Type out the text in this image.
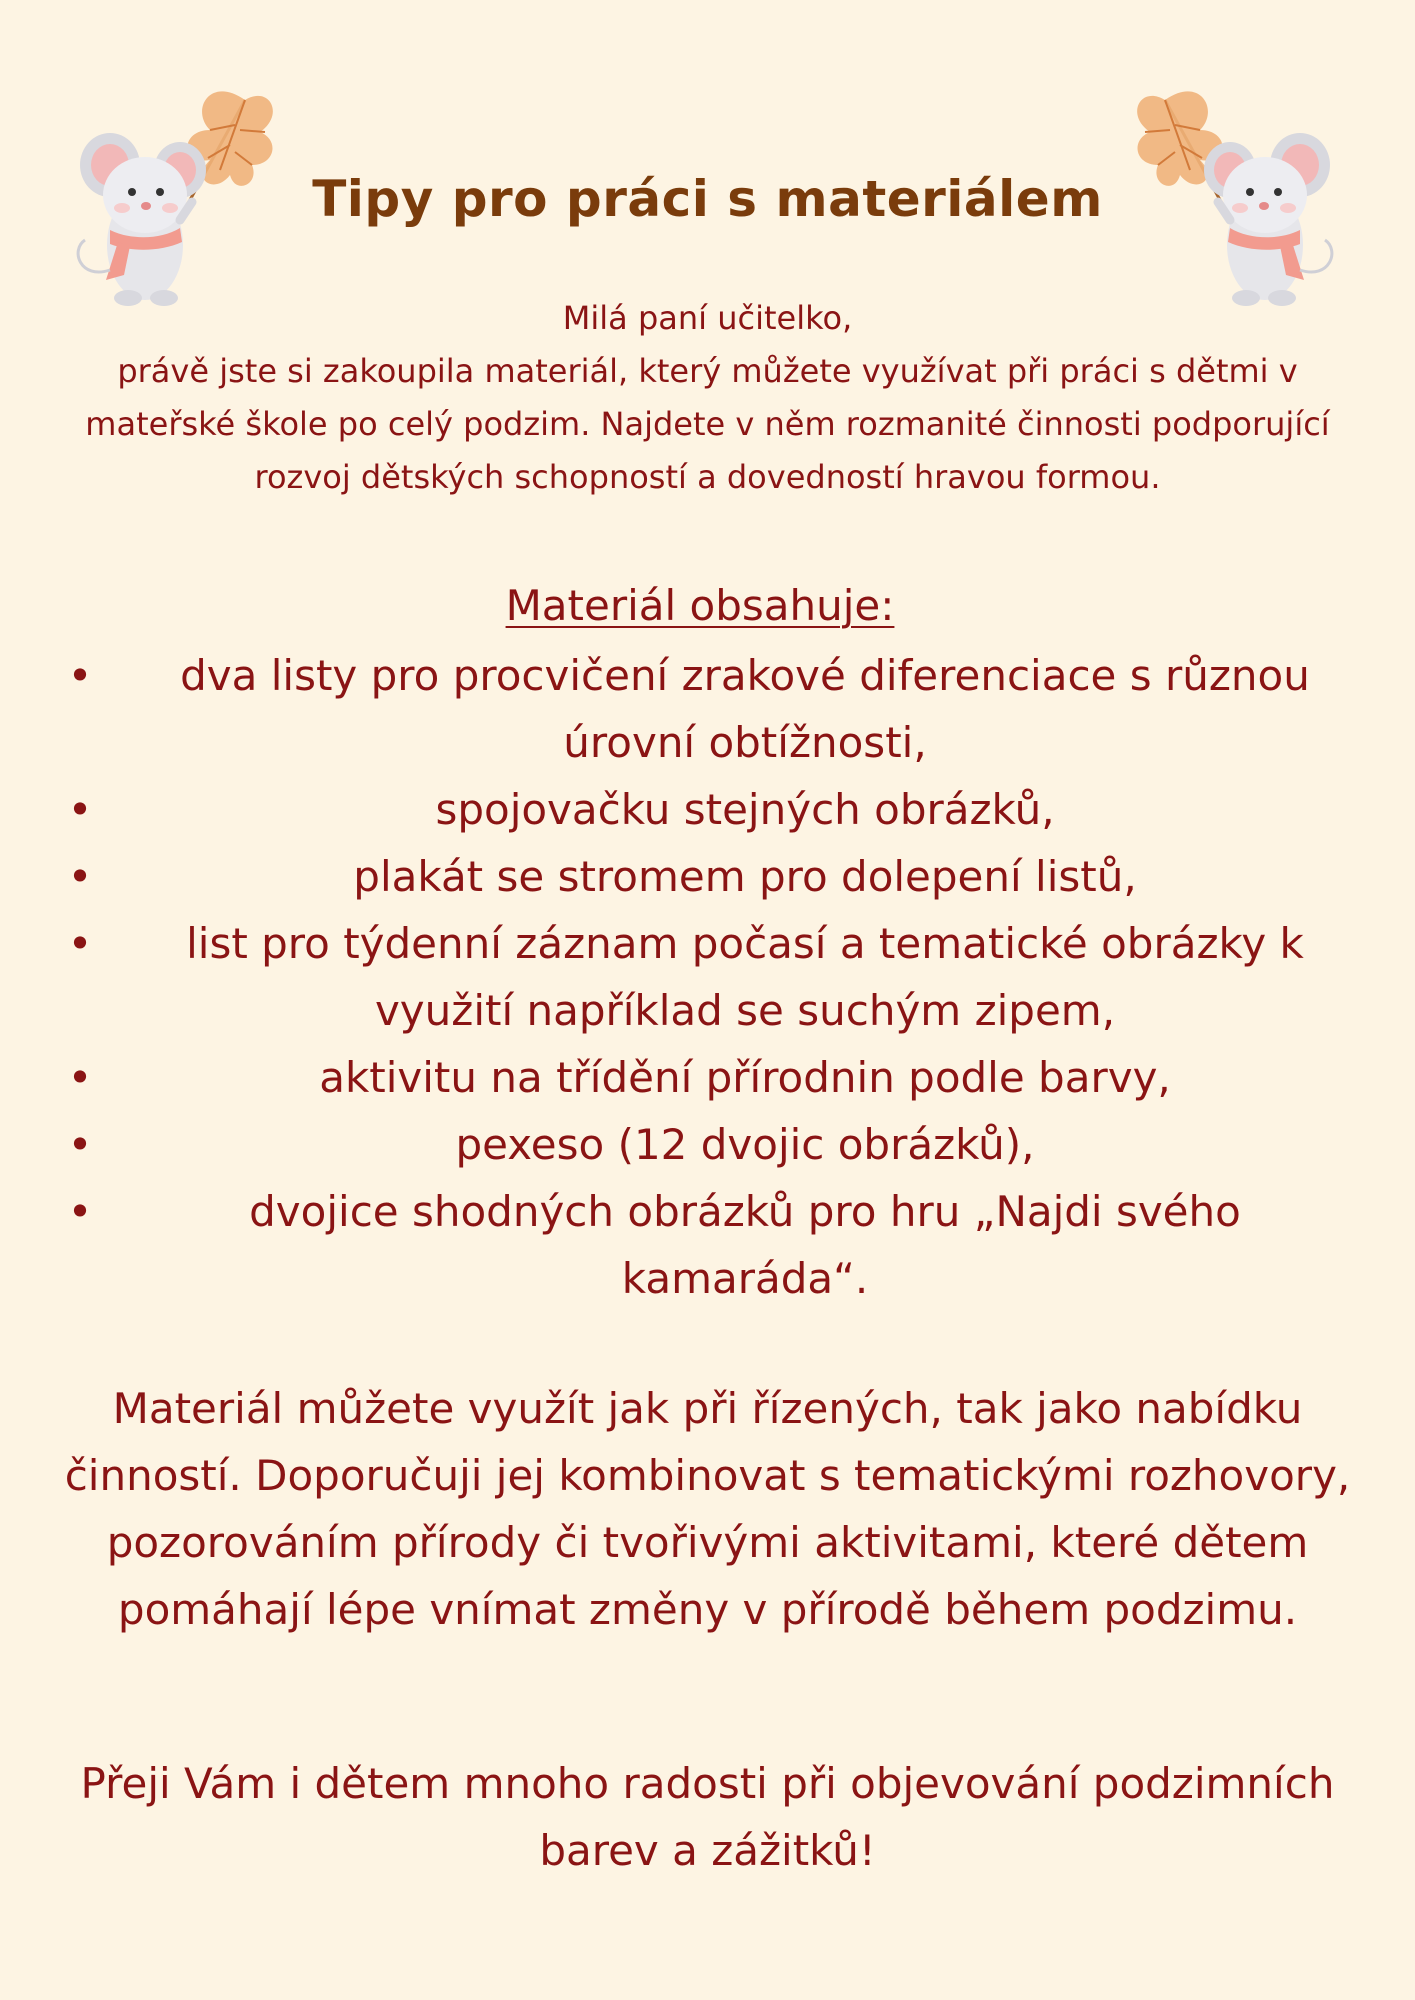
Tipy pro práci s materiálem

Milá paní učitelko,

právě jste si zakoupila materiál, který můžete využívat při práci s dětmi v mateřské škole po celý podzim. Najdete v něm rozmanité činnosti podporující rozvoj dětských schopností a dovedností hravou formou.

Materiál obsahuje:
•	dva listy pro procvičení zrakové diferenciace s různou úrovní obtížnosti,
•	spojovačku stejných obrázků,
•	plakát se stromem pro dolepení listů,
•	list pro týdenní záznam počasí a tematické obrázky k využití například se suchým zipem,
•	aktivitu na třídění přírodnin podle barvy,
•	pexeso (12 dvojic obrázků),
•	dvojice shodných obrázků pro hru „Najdi svého kamaráda“.

Materiál můžete využít jak při řízených, tak jako nabídku činností. Doporučuji jej kombinovat s tematickými rozhovory, pozorováním přírody či tvořivými aktivitami, které dětem pomáhají lépe vnímat změny v přírodě během podzimu.

Přeji Vám i dětem mnoho radosti při objevování podzimních barev a zážitků!
